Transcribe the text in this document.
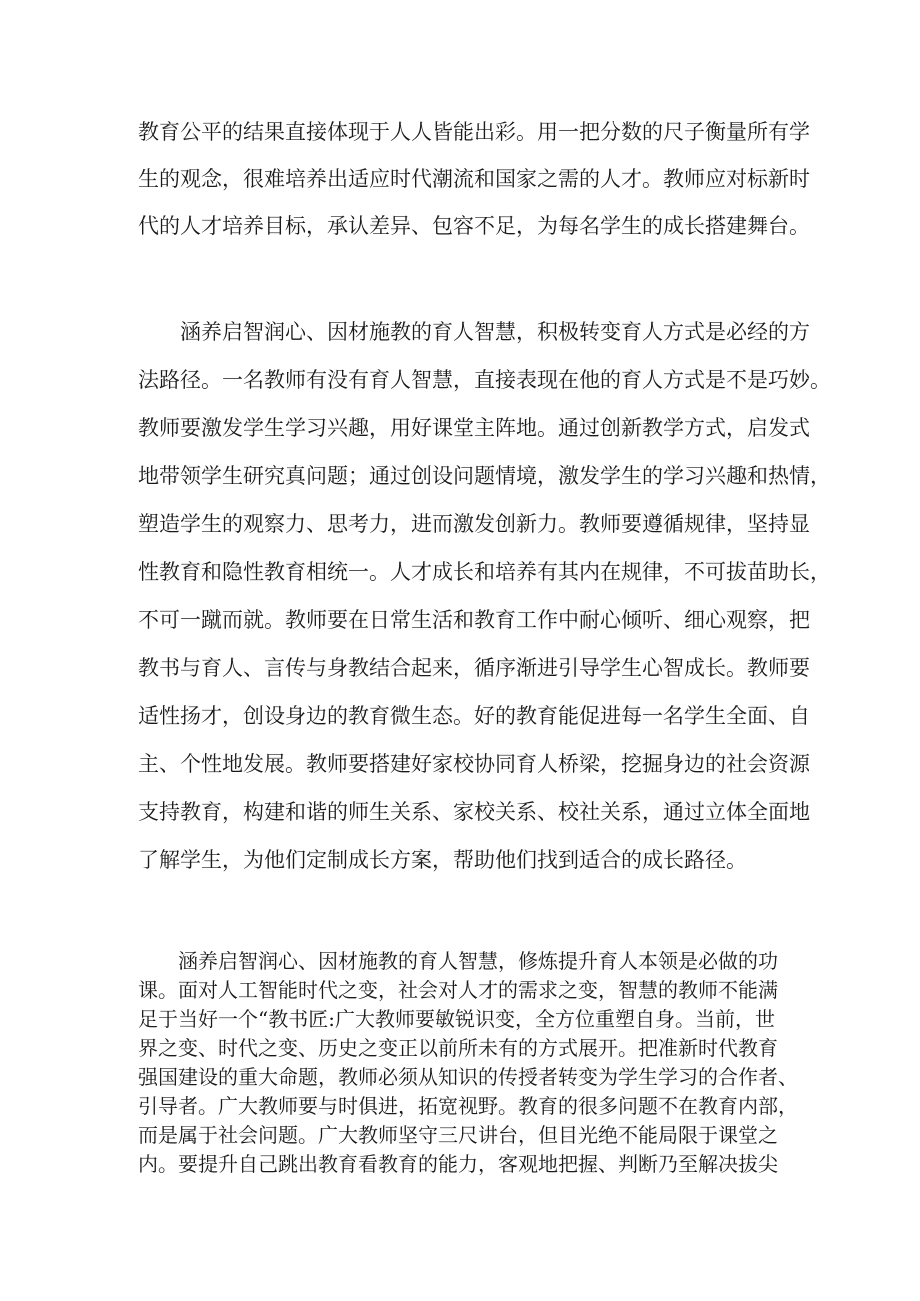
教育公平的结果直接体现于人人皆能出彩。用一把分数的尺子衡量所有学

生的观念，很难培养出适应时代潮流和国家之需的人才。教师应对标新时

代的人才培养目标，承认差异、包容不足，为每名学生的成长搭建舞台。

　　涵养启智润心、因材施教的育人智慧，积极转变育人方式是必经的方

法路径。一名教师有没有育人智慧，直接表现在他的育人方式是不是巧妙。

教师要激发学生学习兴趣，用好课堂主阵地。通过创新教学方式，启发式

地带领学生研究真问题；通过创设问题情境，激发学生的学习兴趣和热情，

塑造学生的观察力、思考力，进而激发创新力。教师要遵循规律，坚持显

性教育和隐性教育相统一。人才成长和培养有其内在规律，不可拔苗助长，

不可一蹴而就。教师要在日常生活和教育工作中耐心倾听、细心观察，把

教书与育人、言传与身教结合起来，循序渐进引导学生心智成长。教师要

适性扬才，创设身边的教育微生态。好的教育能促进每一名学生全面、自

主、个性地发展。教师要搭建好家校协同育人桥梁，挖掘身边的社会资源

支持教育，构建和谐的师生关系、家校关系、校社关系，通过立体全面地

了解学生，为他们定制成长方案，帮助他们找到适合的成长路径。

　　涵养启智润心、因材施教的育人智慧，修炼提升育人本领是必做的功

课。面对人工智能时代之变，社会对人才的需求之变，智慧的教师不能满

足于当好一个“教书匠:广大教师要敏锐识变，全方位重塑自身。当前，世

界之变、时代之变、历史之变正以前所未有的方式展开。把准新时代教育

强国建设的重大命题，教师必须从知识的传授者转变为学生学习的合作者、

引导者。广大教师要与时俱进，拓宽视野。教育的很多问题不在教育内部，

而是属于社会问题。广大教师坚守三尺讲台，但目光绝不能局限于课堂之

内。要提升自己跳出教育看教育的能力，客观地把握、判断乃至解决拔尖
